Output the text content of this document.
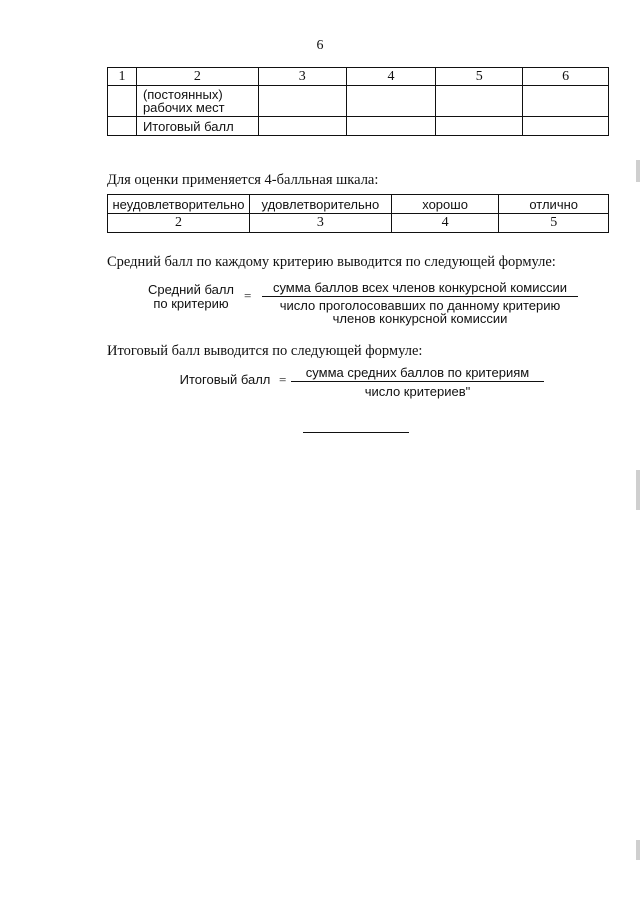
6
1	2	3	4	5	6

	(постоянных)
рабочих мест				

	Итоговый балл				

Для оценки применяется 4-балльная шкала:
неудовлетворительно	удовлетворительно	хорошо	отлично
2	3	4	5
Средний балл по каждому критерию выводится по следующей формуле:
Средний балл
по критерию
=
сумма баллов всех членов конкурсной комиссии
число проголосовавших по данному критерию
членов конкурсной комиссии
Итоговый балл выводится по следующей формуле:
Итоговый балл =	сумма средних баллов по критериям
число критериев"
